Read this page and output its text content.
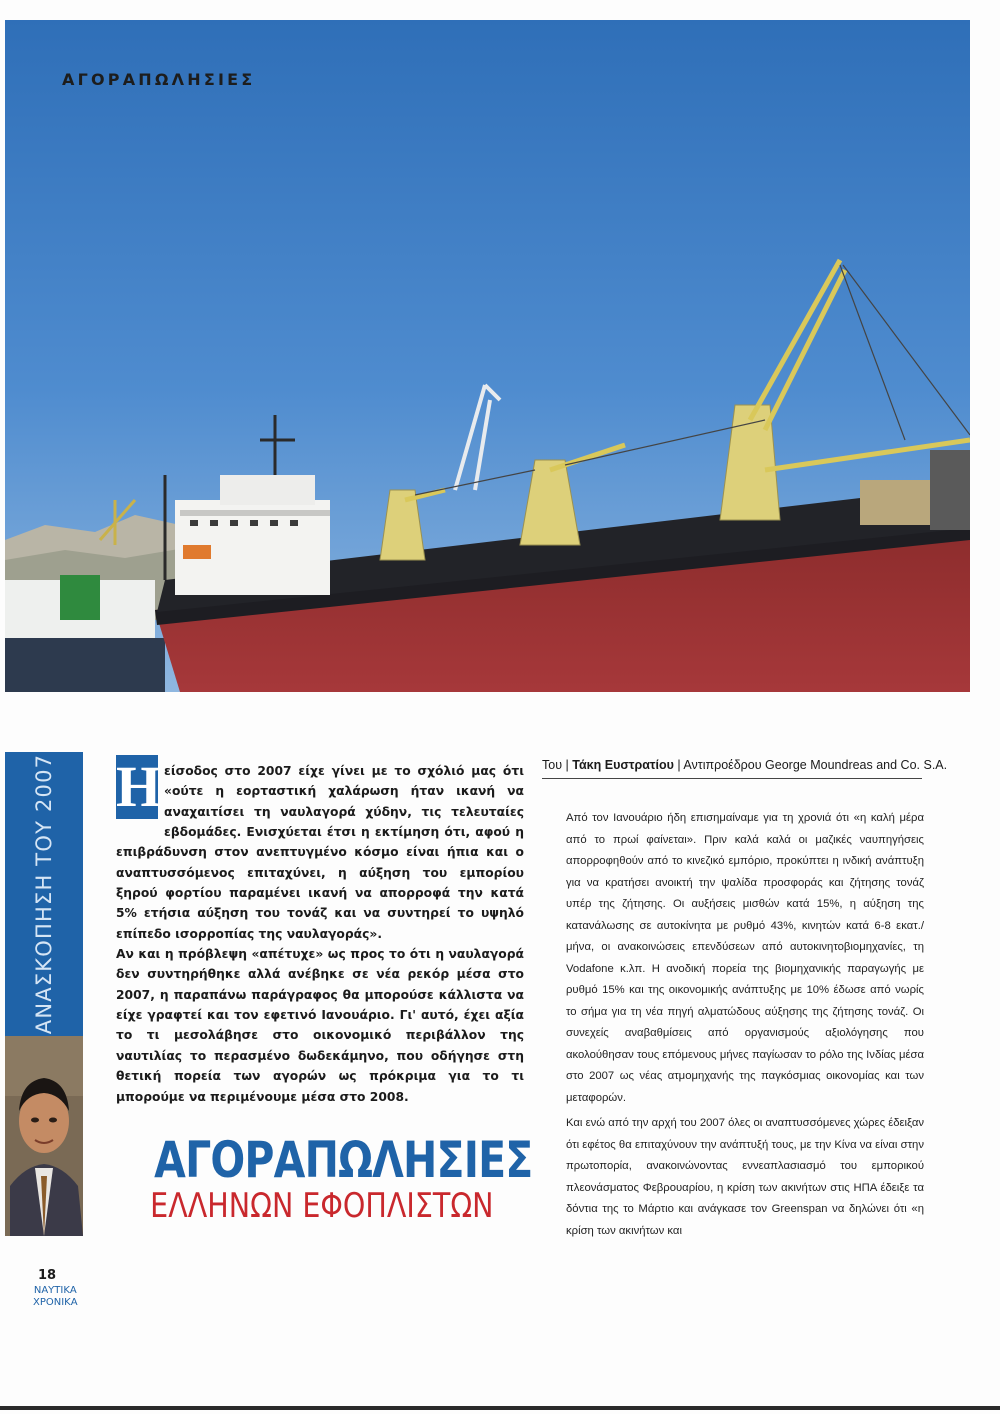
ΑΓΟΡΑΠΩΛΗΣΙΕΣ
ΑΝΑΣΚΟΠΗΣΗ ΤΟΥ 2007 Η είσοδος στο 2007 είχε γίνει με το σχόλιό μας ότι «ούτε η εορταστική χαλάρωση ήταν ικανή να αναχαιτίσει τη ναυλαγορά χύδην, τις τελευταίες εβδομάδες. Ενισχύεται έτσι η εκτίμηση ότι, αφού η επιβράδυνση στον ανεπτυγμένο κόσμο είναι ήπια και ο αναπτυσσόμενος επιταχύνει, η αύξηση του εμπορίου ξηρού φορτίου παραμένει ικανή να απορροφά την κατά 5% ετήσια αύξηση του τονάζ και να συντηρεί το υψηλό επίπεδο ισορροπίας της ναυλαγοράς».

Αν και η πρόβλεψη «απέτυχε» ως προς το ότι η ναυλαγορά δεν συντηρήθηκε αλλά ανέβηκε σε νέα ρεκόρ μέσα στο 2007, η παραπάνω παράγραφος θα μπορούσε κάλλιστα να είχε γραφτεί και τον εφετινό Ιανουάριο. Γι' αυτό, έχει αξία το τι μεσολάβησε στο οικονομικό περιβάλλον της ναυτιλίας το περασμένο δωδεκάμηνο, που οδήγησε στη θετική πορεία των αγορών ως πρόκριμα για το τι μπορούμε να περιμένουμε μέσα στο 2008.

ΑΓΟΡΑΠΩΛΗΣΙΕΣ
ΕΛΛΗΝΩΝ ΕΦΟΠΛΙΣΤΩΝ
Του | Τάκη Ευστρατίου | Αντιπροέδρου George Moundreas and Co. S.A.

Από τον Ιανουάριο ήδη επισημαίναμε για τη χρονιά ότι «η καλή μέρα από το πρωί φαίνεται». Πριν καλά καλά οι μαζικές ναυπηγήσεις απορροφηθούν από το κινεζικό εμπόριο, προκύπτει η ινδική ανάπτυξη για να κρατήσει ανοικτή την ψαλίδα προσφοράς και ζήτησης τονάζ υπέρ της ζήτησης. Οι αυξήσεις μισθών κατά 15%, η αύξηση της κατανάλωσης σε αυτοκίνητα με ρυθμό 43%, κινητών κατά 6-8 εκατ./μήνα, οι ανακοινώσεις επενδύσεων από αυτοκινητοβιομηχανίες, τη Vodafone κ.λπ. Η ανοδική πορεία της βιομηχανικής παραγωγής με ρυθμό 15% και της οικονομικής ανάπτυξης με 10% έδωσε από νωρίς το σήμα για τη νέα πηγή αλματώδους αύξησης της ζήτησης τονάζ. Οι συνεχείς αναβαθμίσεις από οργανισμούς αξιολόγησης που ακολούθησαν τους επόμενους μήνες παγίωσαν το ρόλο της Ινδίας μέσα στο 2007 ως νέας ατμομηχανής της παγκόσμιας οικονομίας και των μεταφορών.

Και ενώ από την αρχή του 2007 όλες οι αναπτυσσόμενες χώρες έδειξαν ότι εφέτος θα επιταχύνουν την ανάπτυξή τους, με την Κίνα να είναι στην πρωτοπορία, ανακοινώνοντας εννεαπλασιασμό του εμπορικού πλεονάσματος Φεβρουαρίου, η κρίση των ακινήτων στις ΗΠΑ έδειξε τα δόντια της το Μάρτιο και ανάγκασε τον Greenspan να δηλώνει ότι «η κρίση των ακινήτων και

18
ΝΑΥΤΙΚΑ
ΧΡΟΝΙΚΑ
